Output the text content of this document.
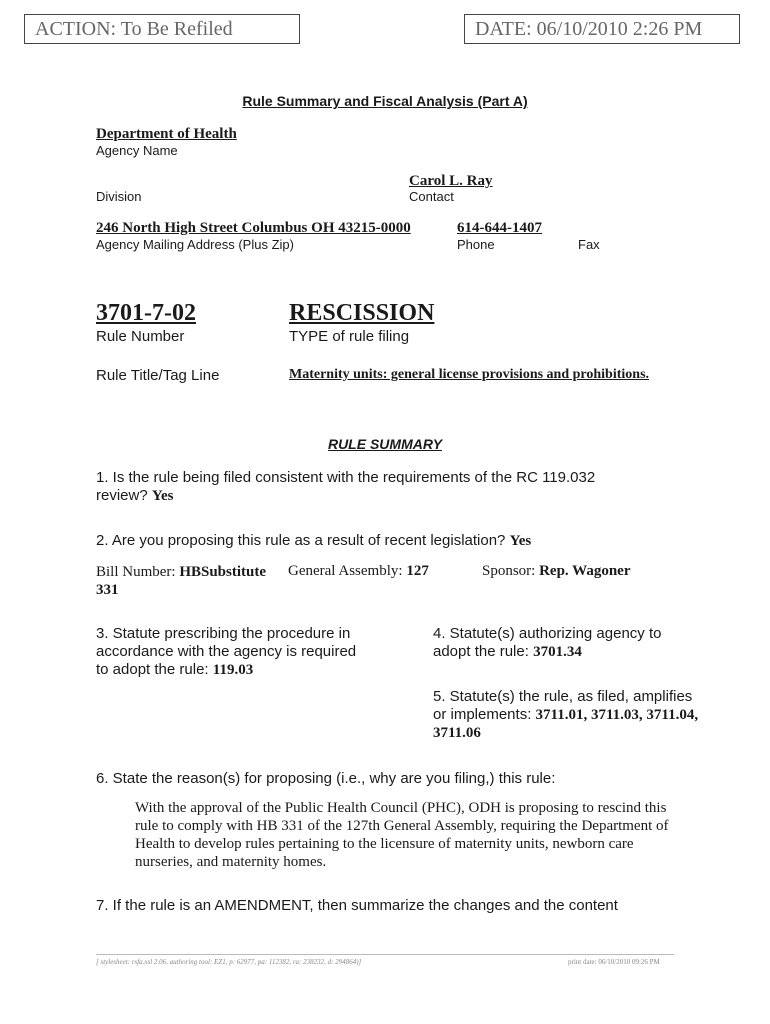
ACTION: To Be Refiled	DATE: 06/10/2010 2:26 PM
Rule Summary and Fiscal Analysis (Part A)
Department of Health
Agency Name
Carol L. Ray
Division	Contact
246 North High Street Columbus OH 43215-0000	614-644-1407
Agency Mailing Address (Plus Zip)	Phone	Fax
3701-7-02	RESCISSION
Rule Number	TYPE of rule filing
Rule Title/Tag Line	Maternity units: general license provisions and prohibitions.
RULE SUMMARY
1. Is the rule being filed consistent with the requirements of the RC 119.032
review? Yes
2. Are you proposing this rule as a result of recent legislation? Yes
Bill Number: HBSubstitute
331
General Assembly: 127	Sponsor: Rep. Wagoner
3. Statute prescribing the procedure in
accordance with the agency is required
to adopt the rule: 119.03
4. Statute(s) authorizing agency to
adopt the rule: 3701.34
5. Statute(s) the rule, as filed, amplifies
or implements: 3711.01, 3711.03, 3711.04,
3711.06
6. State the reason(s) for proposing (i.e., why are you filing,) this rule:
With the approval of the Public Health Council (PHC), ODH is proposing to rescind this rule to comply with HB 331 of the 127th General Assembly, requiring the Department of Health to develop rules pertaining to the licensure of maternity units, newborn care nurseries, and maternity homes.
7. If the rule is an AMENDMENT, then summarize the changes and the content
[ stylesheet: rsfa.xsl 2.06, authoring tool: EZ1, p: 62977, pa: 112382, ra: 238232, d: 294864)]	print date: 06/10/2010 09:26 PM
